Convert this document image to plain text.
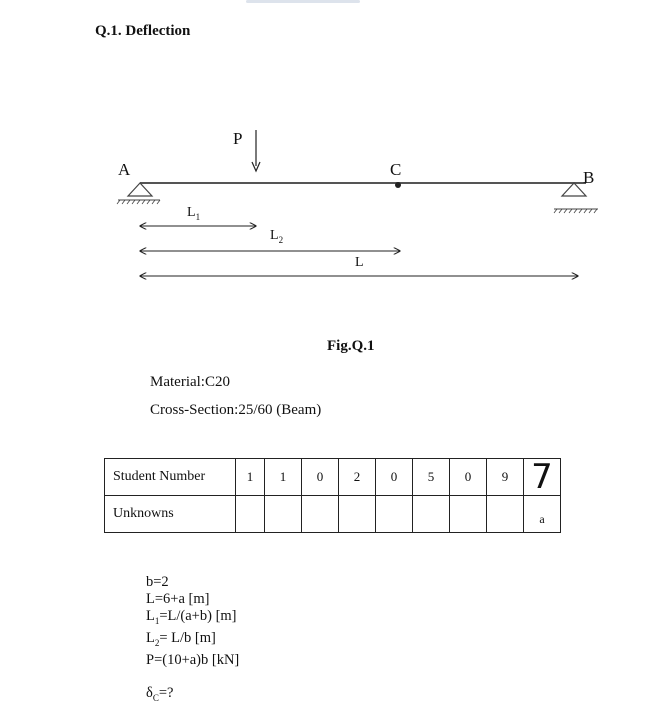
Q.1. Deflection
P
A	C	B
$L_1$
$L_2$
L
Fig.Q.1
Material:C20
Cross-Section:25/60 (Beam)
Student Number	1	1	0	2	0	5	0	9	7
Unknowns									a
b=2
L=6+a [m]
$L_1=L/(a+b)$ [m]
$L_2= L/b$ [m]
P=(10+a)b [kN]
$\delta_C=$?
